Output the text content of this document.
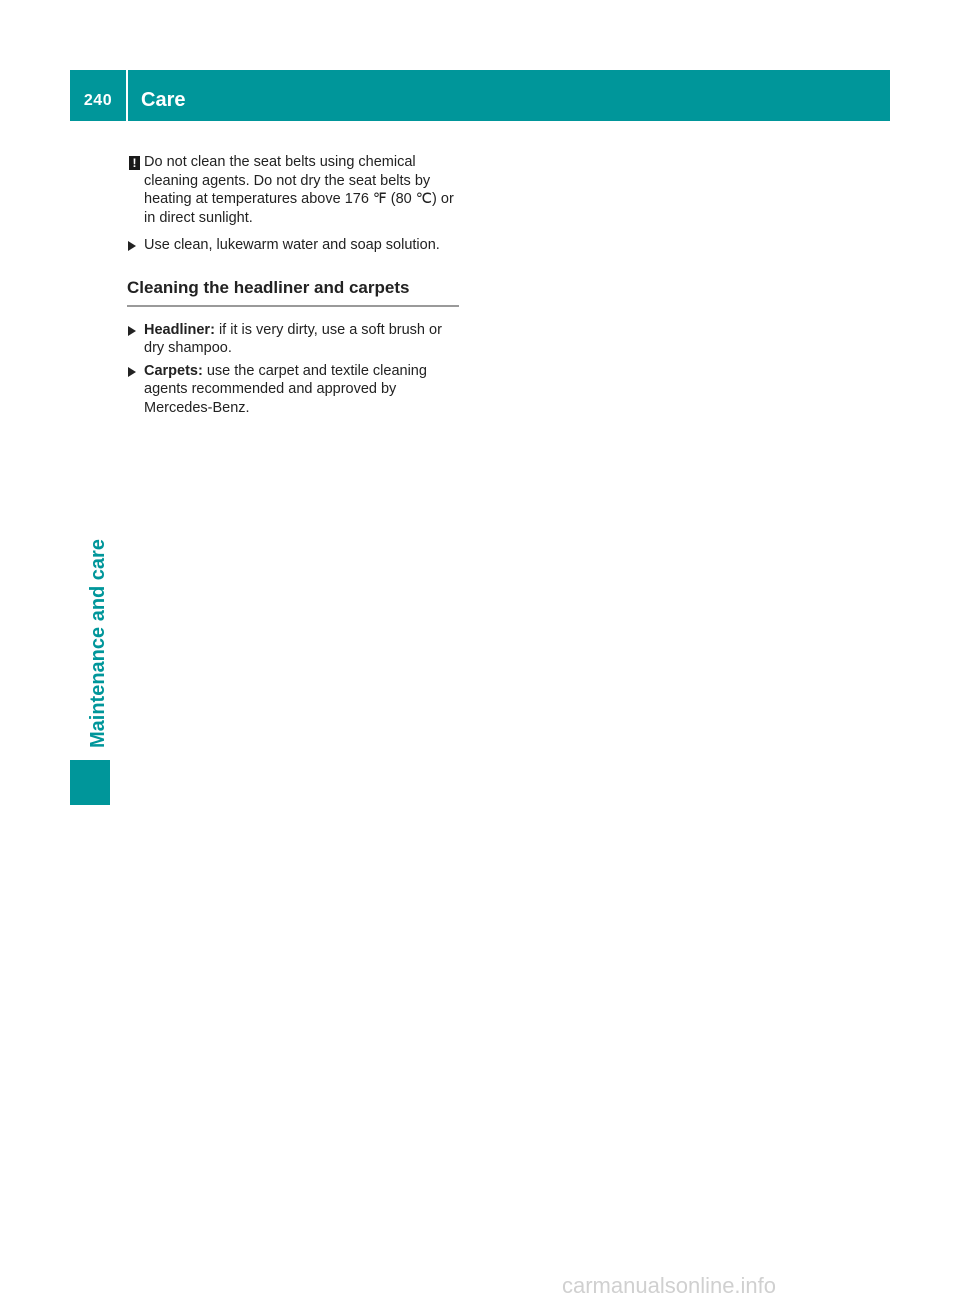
240	Care
! Do not clean the seat belts using chemical cleaning agents. Do not dry the seat belts by heating at temperatures above 176 ℉ (80 ℃) or in direct sunlight.
Use clean, lukewarm water and soap solution.
Cleaning the headliner and carpets
Headliner: if it is very dirty, use a soft brush or dry shampoo.
Carpets: use the carpet and textile cleaning agents recommended and approved by Mercedes-Benz.
Maintenance and care
carmanualsonline.info
